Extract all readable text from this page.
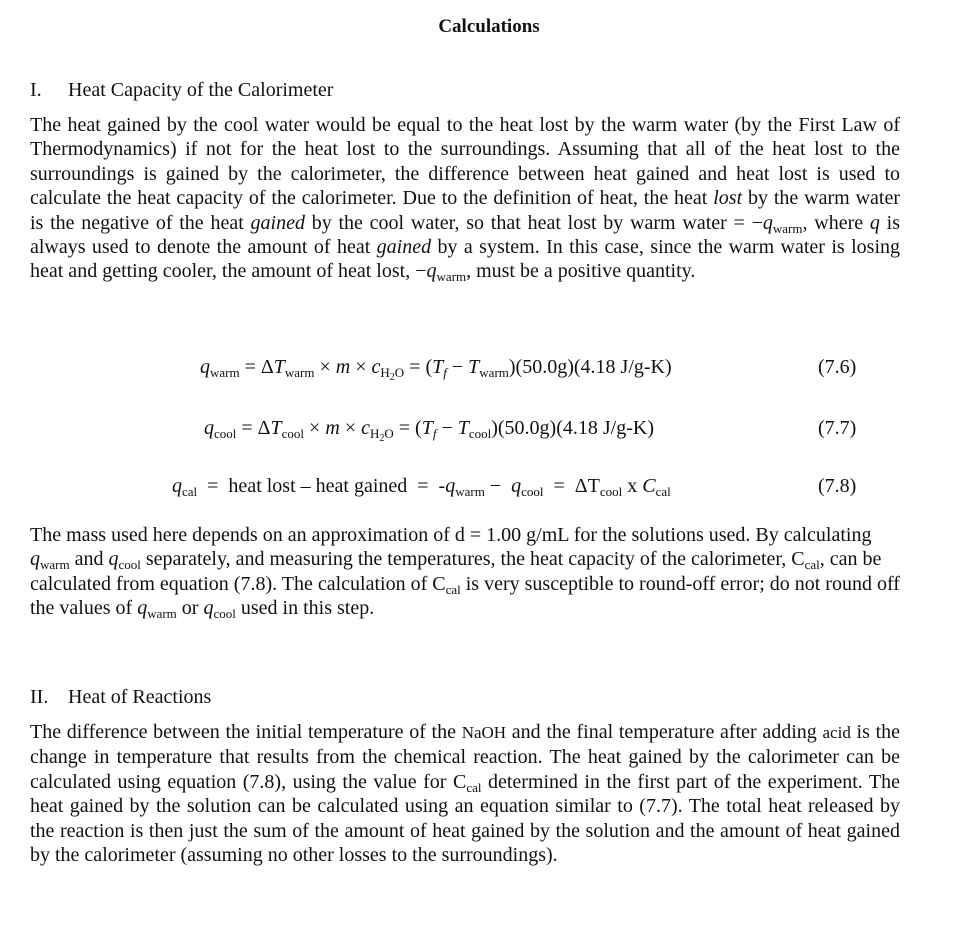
Calculations
I. Heat Capacity of the Calorimeter
The heat gained by the cool water would be equal to the heat lost by the warm water (by the First Law of Thermodynamics) if not for the heat lost to the surroundings. Assuming that all of the heat lost to the surroundings is gained by the calorimeter, the difference between heat gained and heat lost is used to calculate the heat capacity of the calorimeter. Due to the definition of heat, the heat lost by the warm water is the negative of the heat gained by the cool water, so that heat lost by warm water = $-q_{warm}$, where q is always used to denote the amount of heat gained by a system. In this case, since the warm water is losing heat and getting cooler, the amount of heat lost, $-q_{warm}$, must be a positive quantity.
$q_{warm} = \Delta T_{warm} \times m \times c_{H_2O} = (T_f - T_{warm})(50.0g)(4.18$ J/g-K)	(7.6)
$q_{cool} = \Delta T_{cool} \times m \times c_{H_2O} = (T_f - T_{cool})(50.0g)(4.18$ J/g-K)	(7.7)
$q_{cal}$  =  heat lost – heat gained  =  $-q_{warm} - q_{cool} = \Delta T_{cool}$ x $C_{cal}$	(7.8)
The mass used here depends on an approximation of d = 1.00 g/mL for the solutions used. By calculating $q_{warm}$ and $q_{cool}$ separately, and measuring the temperatures, the heat capacity of the calorimeter, $C_{cal}$, can be calculated from equation (7.8). The calculation of $C_{cal}$ is very susceptible to round-off error; do not round off the values of $q_{warm}$ or $q_{cool}$ used in this step.
II. Heat of Reactions
The difference between the initial temperature of the NaOH and the final temperature after adding acid is the change in temperature that results from the chemical reaction. The heat gained by the calorimeter can be calculated using equation (7.8), using the value for $C_{cal}$ determined in the first part of the experiment. The heat gained by the solution can be calculated using an equation similar to (7.7). The total heat released by the reaction is then just the sum of the amount of heat gained by the solution and the amount of heat gained by the calorimeter (assuming no other losses to the surroundings).
